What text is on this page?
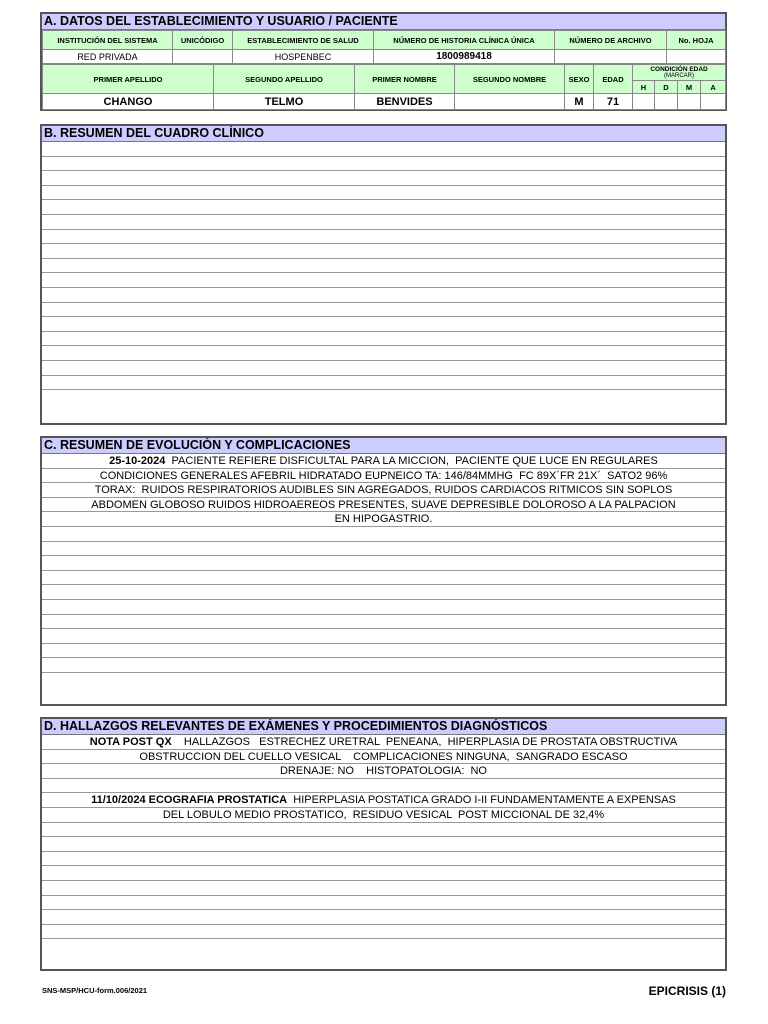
A. DATOS DEL ESTABLECIMIENTO Y USUARIO / PACIENTE
INSTITUCIÓN DEL SISTEMA	UNICÓDIGO	ESTABLECIMIENTO DE SALUD	NÚMERO DE HISTORIA CLÍNICA ÚNICA	NÚMERO DE ARCHIVO	No. HOJA
RED PRIVADA		HOSPENBEC	1800989418		
PRIMER APELLIDO	SEGUNDO APELLIDO	PRIMER NOMBRE	SEGUNDO NOMBRE	SEXO	EDAD	CONDICIÓN EDAD
(MARCAR)			

						H	D	M	A
CHANGO	TELMO	BENVIDES		M	71				
B. RESUMEN DEL CUADRO CLÍNICO
C. RESUMEN DE EVOLUCIÓN Y COMPLICACIONES
25-10-2024  PACIENTE REFIERE DISFICULTAL PARA LA MICCION,  PACIENTE QUE LUCE EN REGULARES
CONDICIONES GENERALES AFEBRIL HIDRATADO EUPNEICO TA: 146/84MMHG  FC 89X´FR 21X´  SATO2 96%
TORAX:  RUIDOS RESPIRATORIOS AUDIBLES SIN AGREGADOS, RUIDOS CARDIACOS RITMICOS SIN SOPLOS
ABDOMEN GLOBOSO RUIDOS HIDROAEREOS PRESENTES, SUAVE DEPRESIBLE DOLOROSO A LA PALPACION
EN HIPOGASTRIO.
D. HALLAZGOS RELEVANTES DE EXÁMENES Y PROCEDIMIENTOS DIAGNÓSTICOS
NOTA POST QX    HALLAZGOS   ESTRECHEZ URETRAL  PENEANA,  HIPERPLASIA DE PROSTATA OBSTRUCTIVA
OBSTRUCCION DEL CUELLO VESICAL    COMPLICACIONES NINGUNA,  SANGRADO ESCASO
DRENAJE: NO    HISTOPATOLOGIA:  NO
11/10/2024 ECOGRAFIA PROSTATICA  HIPERPLASIA POSTATICA GRADO I-II FUNDAMENTAMENTE A EXPENSAS
DEL LOBULO MEDIO PROSTATICO,  RESIDUO VESICAL  POST MICCIONAL DE 32,4%
SNS-MSP/HCU-form.006/2021	EPICRISIS (1)
